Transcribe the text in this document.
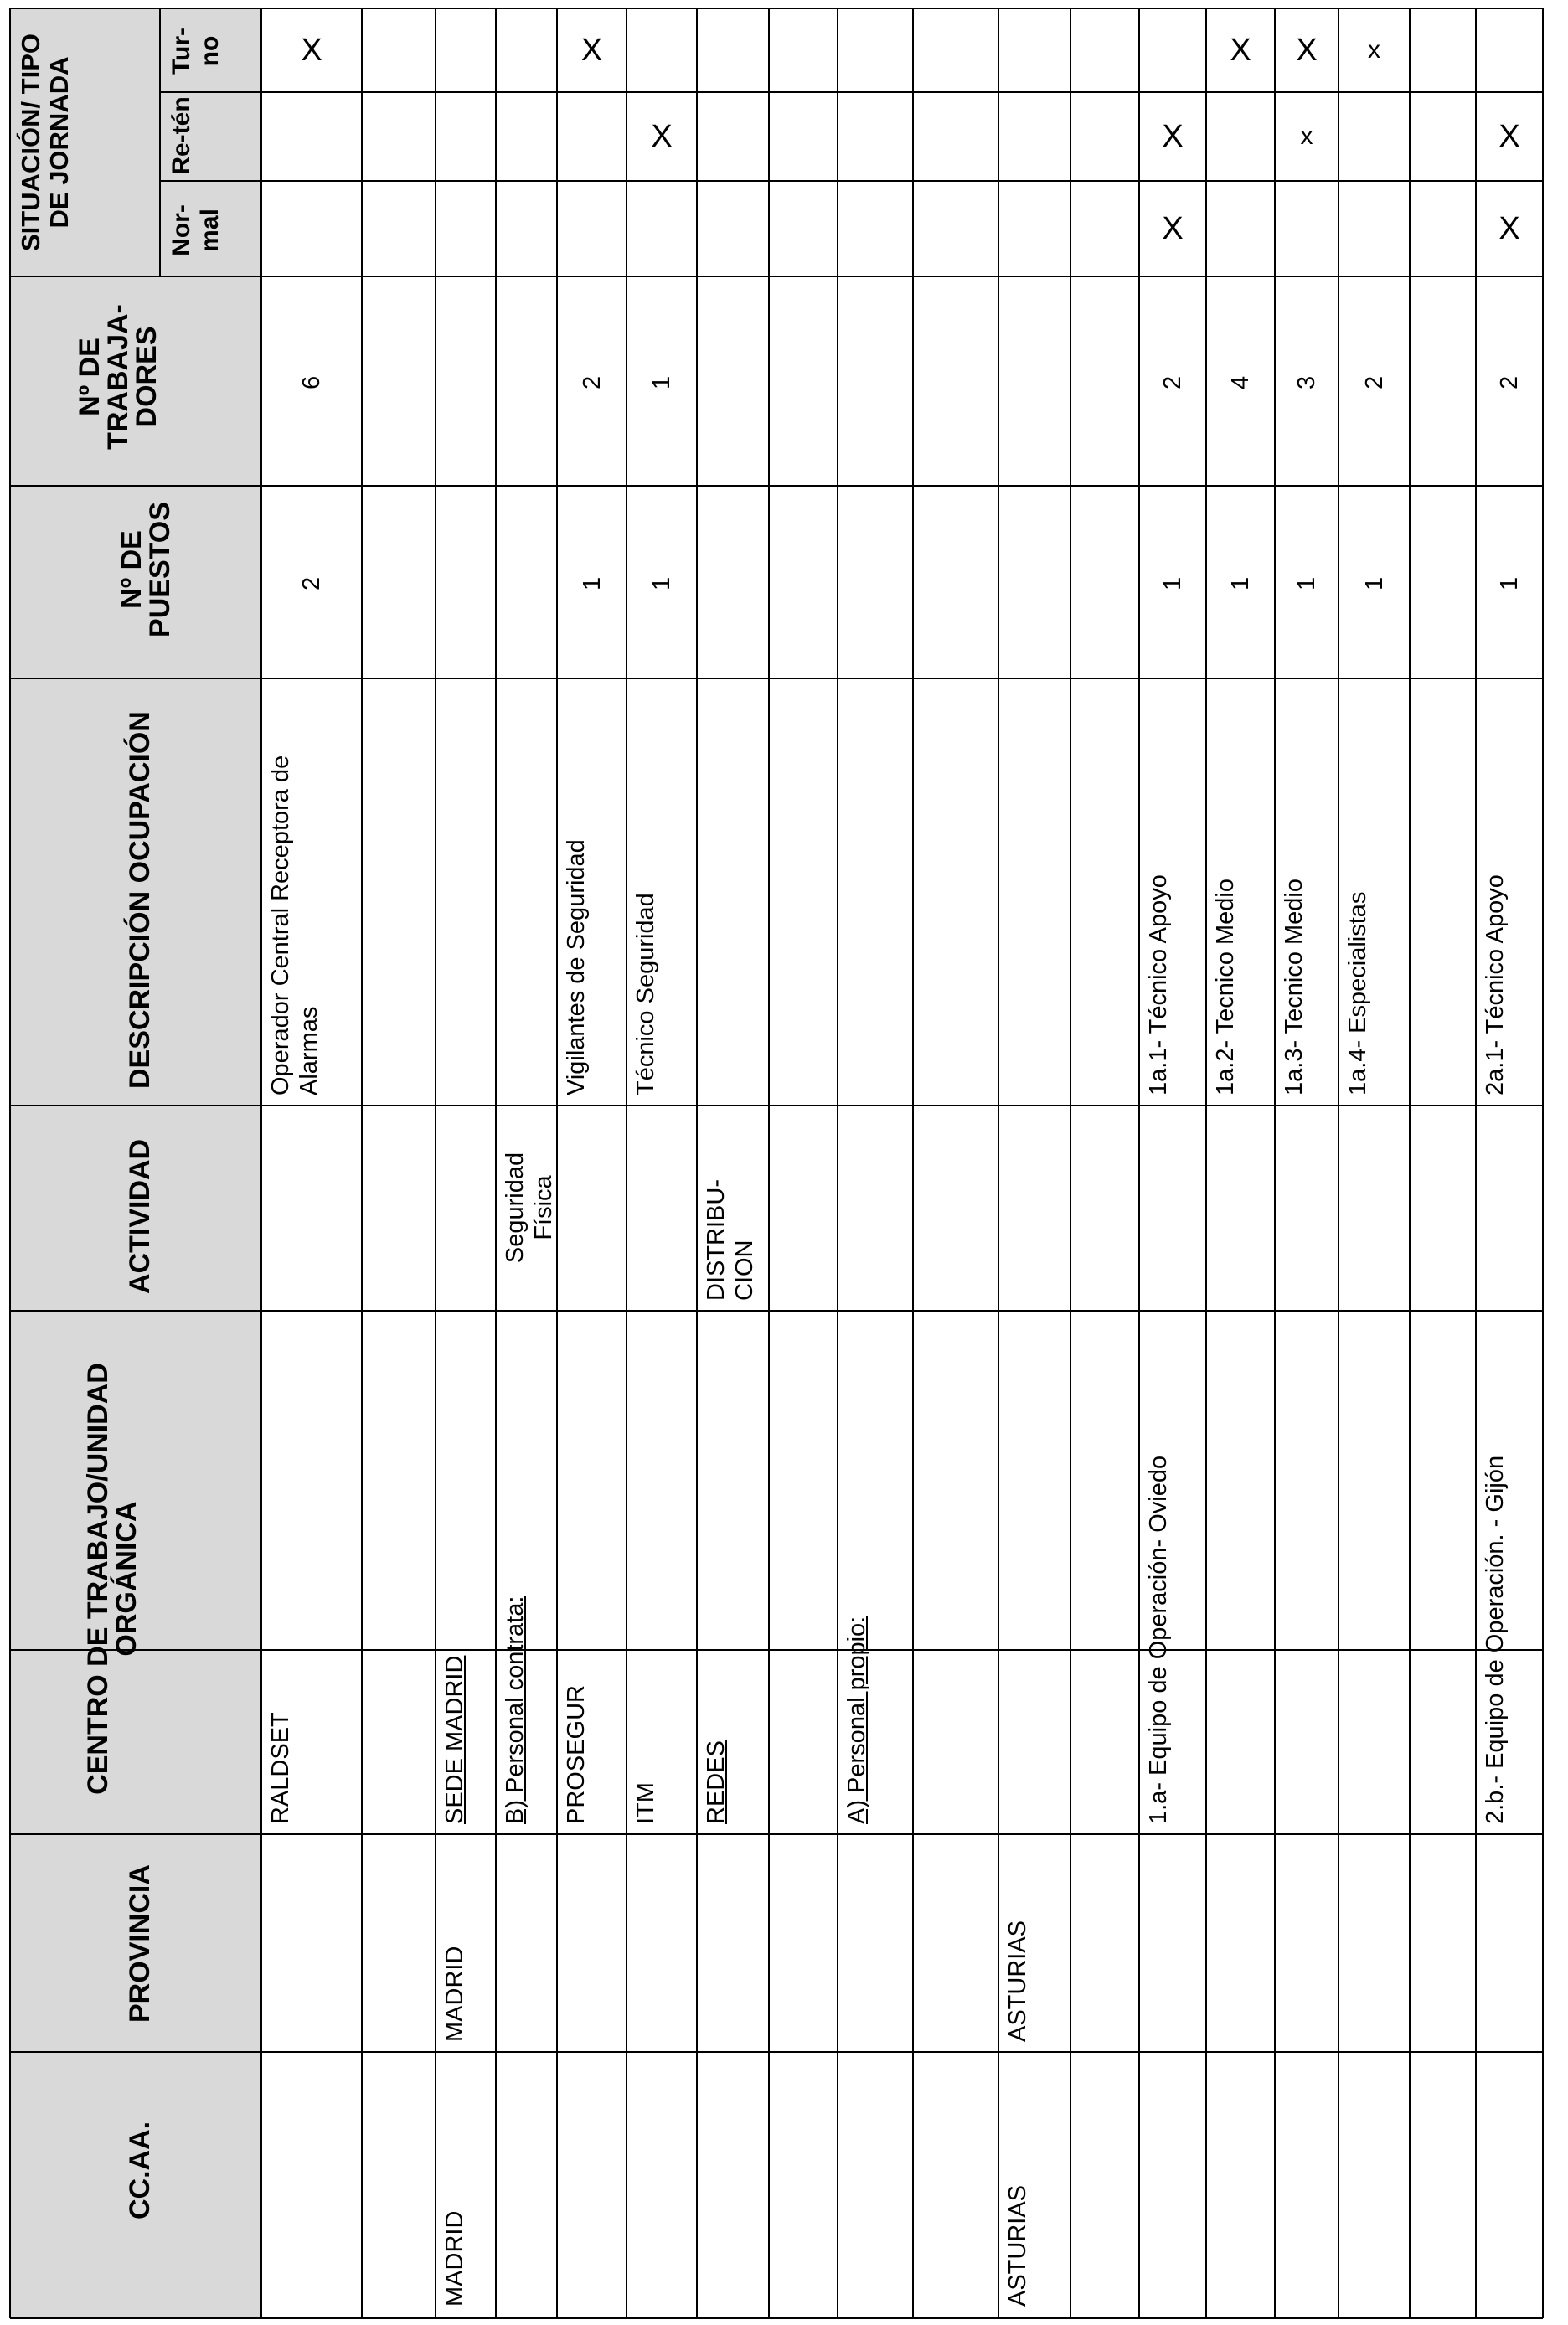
CC.AA.
PROVINCIA
CENTRO DE TRABAJO/UNIDAD ORGÁNICA
ACTIVIDAD
DESCRIPCIÓN OCUPACIÓN
Nº DE PUESTOS
Nº DE TRABAJA-DORES
SITUACIÓN/ TIPO DE JORNADA
Nor-mal
Re-tén
Tur-no
RALDSET
Operador Central Receptora de Alarmas
2
6
X
MADRID
MADRID
SEDE MADRID B) Personal contrata:
Seguridad Física
PROSEGUR
Vigilantes de Seguridad
1
2
X
ITM
Técnico Seguridad
1
1
X
REDES
DISTRIBU-CION
A) Personal propio:
ASTURIAS
ASTURIAS
1.a- Equipo de Operación- Oviedo
1a.1- Técnico Apoyo
1
2
X
X
1a.2- Tecnico Medio
1
4
X
1a.3- Tecnico Medio
1
3
x
X
1a.4- Especialistas
1
2
x
2.b.- Equipo de Operación. - Gijón
2a.1- Técnico Apoyo
1
2
X
X
